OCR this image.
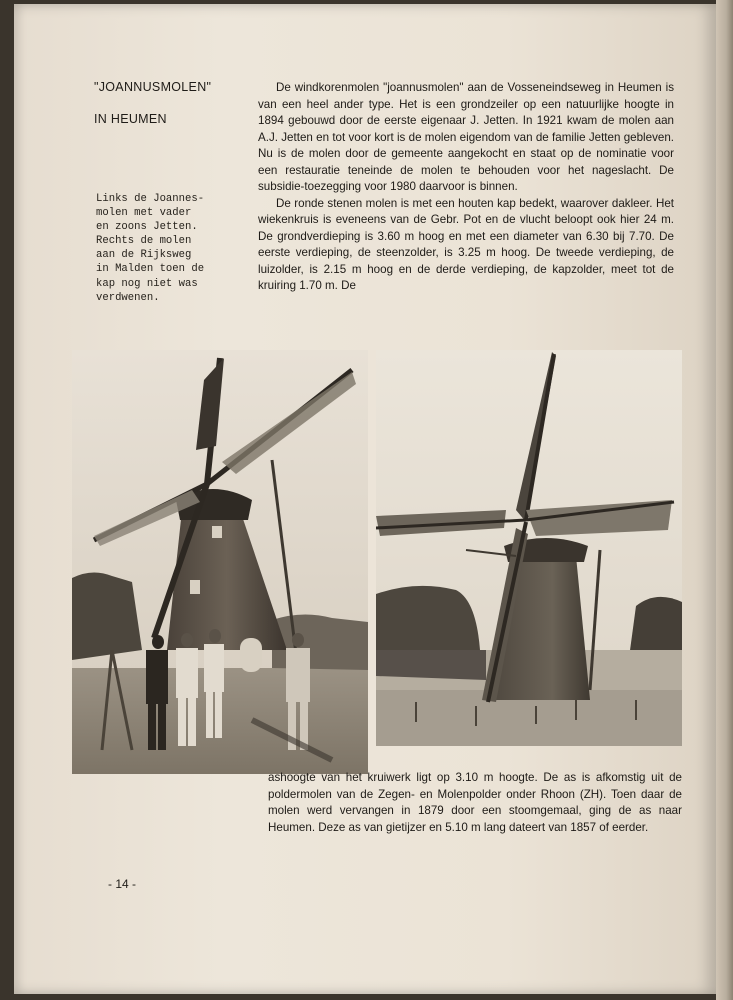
"JOANNUSMOLEN"
IN HEUMEN
Links de Joannes-
molen met vader
en zoons Jetten.
Rechts de molen
aan de Rijksweg
in Malden toen de
kap nog niet was
verdwenen.

De windkorenmolen "joannusmolen" aan de Vosseneindseweg in Heumen is van een heel ander type. Het is een grondzeiler op een natuurlijke hoogte in 1894 gebouwd door de eerste eigenaar J. Jetten. In 1921 kwam de molen aan A.J. Jetten en tot voor kort is de molen eigendom van de familie Jetten gebleven. Nu is de molen door de gemeente aangekocht en staat op de nominatie voor een restauratie teneinde de molen te behouden voor het nageslacht. De subsidie-toezegging voor 1980 daarvoor is binnen.

De ronde stenen molen is met een houten kap bedekt, waarover dakleer. Het wiekenkruis is eveneens van de Gebr. Pot en de vlucht beloopt ook hier 24 m. De grondverdieping is 3.60 m hoog en met een diameter van 6.30 bij 7.70. De eerste verdieping, de steenzolder, is 3.25 m hoog. De tweede verdieping, de luizolder, is 2.15 m hoog en de derde verdieping, de kapzolder, meet tot de kruiring 1.70 m. De

ashoogte van het kruiwerk ligt op 3.10 m hoogte. De as is afkomstig uit de poldermolen van de Zegen- en Molenpolder onder Rhoon (ZH). Toen daar de molen werd vervangen in 1879 door een stoomgemaal, ging de as naar Heumen. Deze as van gietijzer en 5.10 m lang dateert van 1857 of eerder.

- 14 -
